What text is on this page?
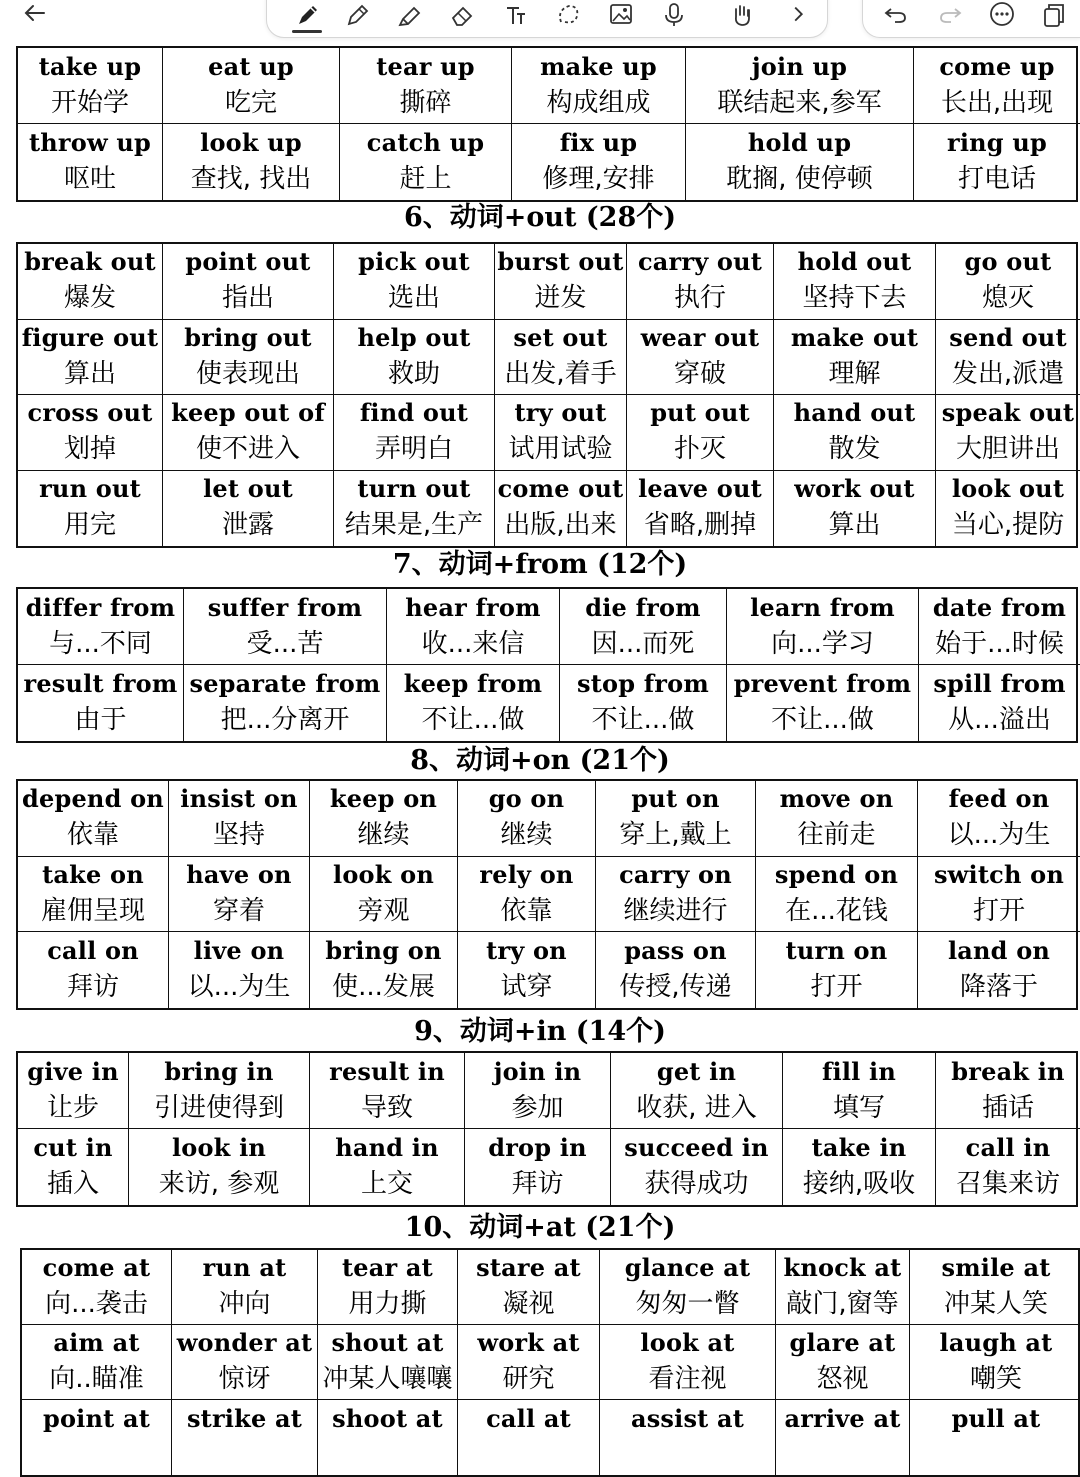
take up
开始学
eat up
吃完
tear up
撕碎
make up
构成组成
join up
联结起来,参军
come up
长出,出现
throw up
呕吐
look up
查找, 找出
catch up
赶上
fix up
修理,安排
hold up
耽搁, 使停顿
ring up
打电话
6、动词+out (28个)
break out
爆发
point out
指出
pick out
选出
burst out
迸发
carry out
执行
hold out
坚持下去
go out
熄灭
figure out
算出
bring out
使表现出
help out
救助
set out
出发,着手
wear out
穿破
make out
理解
send out
发出,派遣
cross out
划掉
keep out of
使不进入
find out
弄明白
try out
试用试验
put out
扑灭
hand out
散发
speak out
大胆讲出
run out
用完
let out
泄露
turn out
结果是,生产
come out
出版,出来
leave out
省略,删掉
work out
算出
look out
当心,提防
7、动词+from (12个)
differ from
与...不同
suffer from
受...苦
hear from
收...来信
die from
因...而死
learn from
向...学习
date from
始于...时候
result from
由于
separate from
把...分离开
keep from
不让...做
stop from
不让...做
prevent from
不让...做
spill from
从...溢出
8、动词+on (21个)
depend on
依靠
insist on
坚持
keep on
继续
go on
继续
put on
穿上,戴上
move on
往前走
feed on
以...为生
take on
雇佣呈现
have on
穿着
look on
旁观
rely on
依靠
carry on
继续进行
spend on
在...花钱
switch on
打开
call on
拜访
live on
以...为生
bring on
使...发展
try on
试穿
pass on
传授,传递
turn on
打开
land on
降落于
9、动词+in (14个)
give in
让步
bring in
引进使得到
result in
导致
join in
参加
get in
收获, 进入
fill in
填写
break in
插话
cut in
插入
look in
来访, 参观
hand in
上交
drop in
拜访
succeed in
获得成功
take in
接纳,吸收
call in
召集来访
10、动词+at (21个)
come at
向...袭击
run at
冲向
tear at
用力撕
stare at
凝视
glance at
匆匆一瞥
knock at
敲门,窗等
smile at
冲某人笑
aim at
向..瞄准
wonder at
惊讶
shout at
冲某人嚷嚷
work at
研究
look at
看注视
glare at
怒视
laugh at
嘲笑
point at strike at shoot at call at	assist at arrive at pull at
